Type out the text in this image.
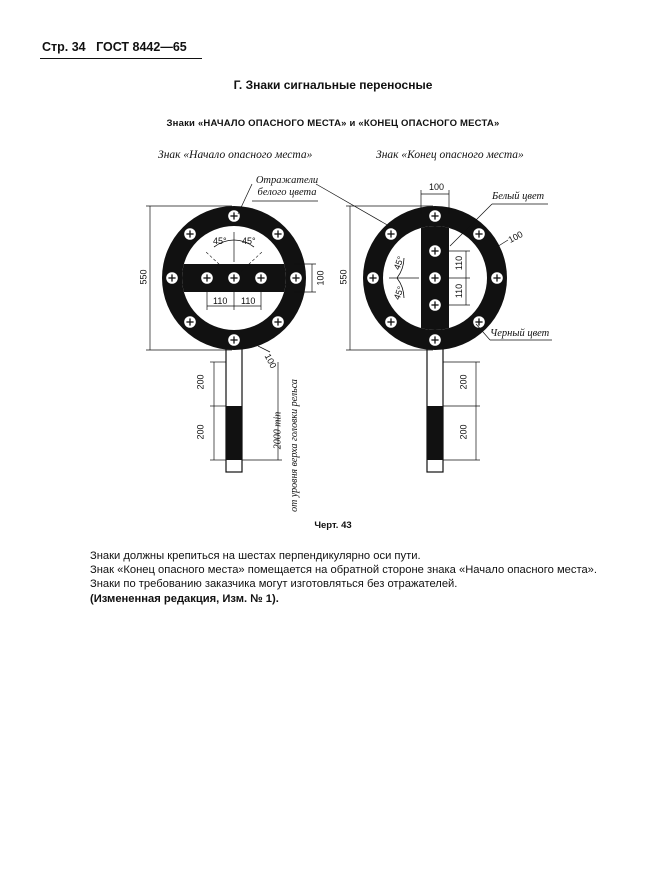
Стр. 34 ГОСТ 8442—65
Г. Знаки сигнальные переносные
Знаки «НАЧАЛО ОПАСНОГО МЕСТА» и «КОНЕЦ ОПАСНОГО МЕСТА»
Знак «Начало опасного места»	Знак «Конец опасного места»
Отражатели белого цвета
550	100
110 110
45° 45°
100
200
200	2000 min от уровня верха головки рельса
100
550
110
110
45°
45°
100
Белый цвет
Черный цвет
200
200
Черт. 43

Знаки должны крепиться на шестах перпендикулярно оси пути.

Знак «Конец опасного места» помещается на обратной стороне знака «Начало опасного места».

Знаки по требованию заказчика могут изготовляться без отражателей.

(Измененная редакция, Изм. № 1).
